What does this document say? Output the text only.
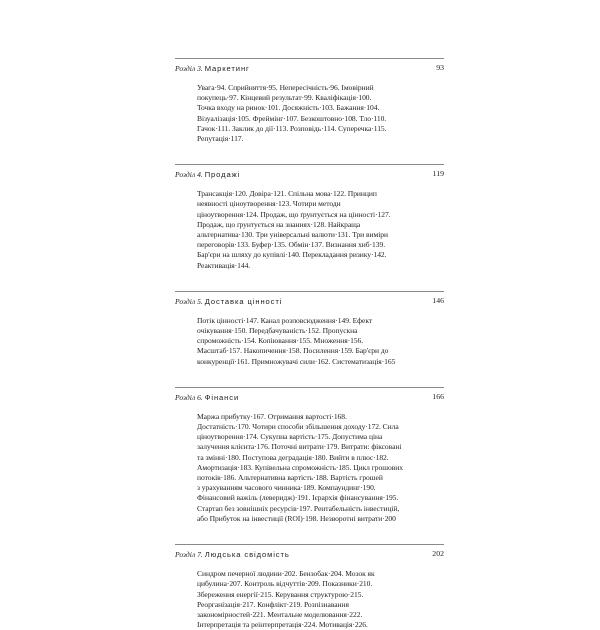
Розділ 3. Маркетинг	93
Увага·94. Сприйняття·95. Непересічність·96. Імовірний
покупець·97. Кінцевий результат·99. Кваліфікація·100.
Точка входу на ринок·101. Досяжність·103. Бажання·104.
Візуалізація·105. Фреймінг·107. Безкоштовно·108. Тло·110.
Гачок·111. Заклик до дії·113. Розповідь·114. Суперечка·115.
Репутація·117.
Розділ 4. Продажі	119
Трансакція·120. Довіра·121. Спільна мова·122. Принцип
неявності ціноутворення·123. Чотири методи
ціноутворення·124. Продаж, що ґрунтується на цінності·127.
Продаж, що ґрунтується на знаннях·128. Найкраща
альтернатива·130. Три універсальні валюти·131. Три виміри
переговорів·133. Буфер·135. Обмін·137. Визнання хиб·139.
Бар'єри на шляху до купівлі·140. Перекладання ризику·142.
Реактивація·144.
Розділ 5. Доставка цінності	146
Потік цінності·147. Канал розповсюдження·149. Ефект
очікування·150. Передбачуваність·152. Пропускна
спроможність·154. Копіювання·155. Множення·156.
Масштаб·157. Накопичення·158. Посилення·159. Бар'єри до
конкуренції·161. Примножувачі сили·162. Систематизація·165
Розділ 6. Фінанси	166
Маржа прибутку·167. Отримання вартості·168.
Достатність·170. Чотири способи збільшення доходу·172. Сила
ціноутворення·174. Сукупна вартість·175. Допустима ціна
залучення клієнта·176. Поточні витрати·179. Витрати: фіксовані
та змінні·180. Поступова деградація·180. Вийти в плюс·182.
Амортизація·183. Купівельна спроможність·185. Цикл грошових
потоків·186. Альтернативна вартість·188. Вартість грошей
з урахуванням часового чинника·189. Компаундинг·190.
Фінансовий важіль (леверидж)·191. Ієрархія фінансування·195.
Стартап без зовнішніх ресурсів·197. Рентабельність інвестицій,
або Прибуток на інвестиції (ROI)·198. Незворотні витрати·200
Розділ 7. Людська свідомість	202
Синдром печерної людини·202. Бензобак·204. Мозок як
цибулина·207. Контроль відчуттів·209. Показники·210.
Збереження енергії·215. Керування структурою·215.
Реорганізація·217. Конфлікт·219. Розпізнавання
закономірностей·221. Ментальне моделювання·222.
Інтерпретація та реінтерпретація·224. Мотивація·226.
